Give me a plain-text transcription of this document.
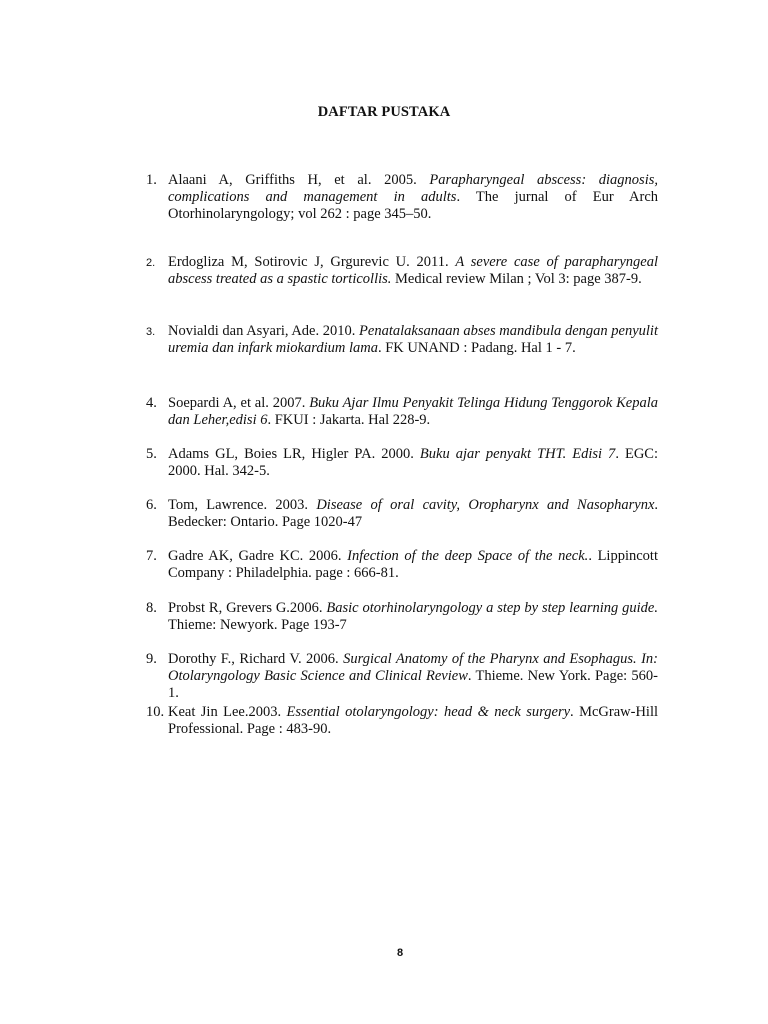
DAFTAR PUSTAKA
1. Alaani A, Griffiths H, et al. 2005. Parapharyngeal abscess: diagnosis, complications and management in adults. The jurnal of Eur Arch Otorhinolaryngology; vol 262 : page 345–50.
2. Erdogliza M, Sotirovic J, Grgurevic U. 2011. A severe case of parapharyngeal abscess treated as a spastic torticollis. Medical review Milan ; Vol 3: page 387-9.
3. Novialdi dan Asyari, Ade. 2010. Penatalaksanaan abses mandibula dengan penyulit uremia dan infark miokardium lama. FK UNAND : Padang. Hal 1 - 7.
4. Soepardi A, et al. 2007. Buku Ajar Ilmu Penyakit Telinga Hidung Tenggorok Kepala dan Leher,edisi 6. FKUI : Jakarta. Hal 228-9.
5. Adams GL, Boies LR, Higler PA. 2000. Buku ajar penyakt THT. Edisi 7. EGC: 2000. Hal. 342-5.
6. Tom, Lawrence. 2003. Disease of oral cavity, Oropharynx and Nasopharynx. Bedecker: Ontario. Page 1020-47
7. Gadre AK, Gadre KC. 2006. Infection of the deep Space of the neck.. Lippincott Company : Philadelphia. page : 666-81.
8. Probst R, Grevers G.2006. Basic otorhinolaryngology a step by step learning guide. Thieme: Newyork. Page 193-7
9. Dorothy F., Richard V. 2006. Surgical Anatomy of the Pharynx and Esophagus. In: Otolaryngology Basic Science and Clinical Review. Thieme. New York. Page: 560-1.
10. Keat Jin Lee.2003. Essential otolaryngology: head & neck surgery. McGraw-Hill Professional. Page : 483-90.
8
